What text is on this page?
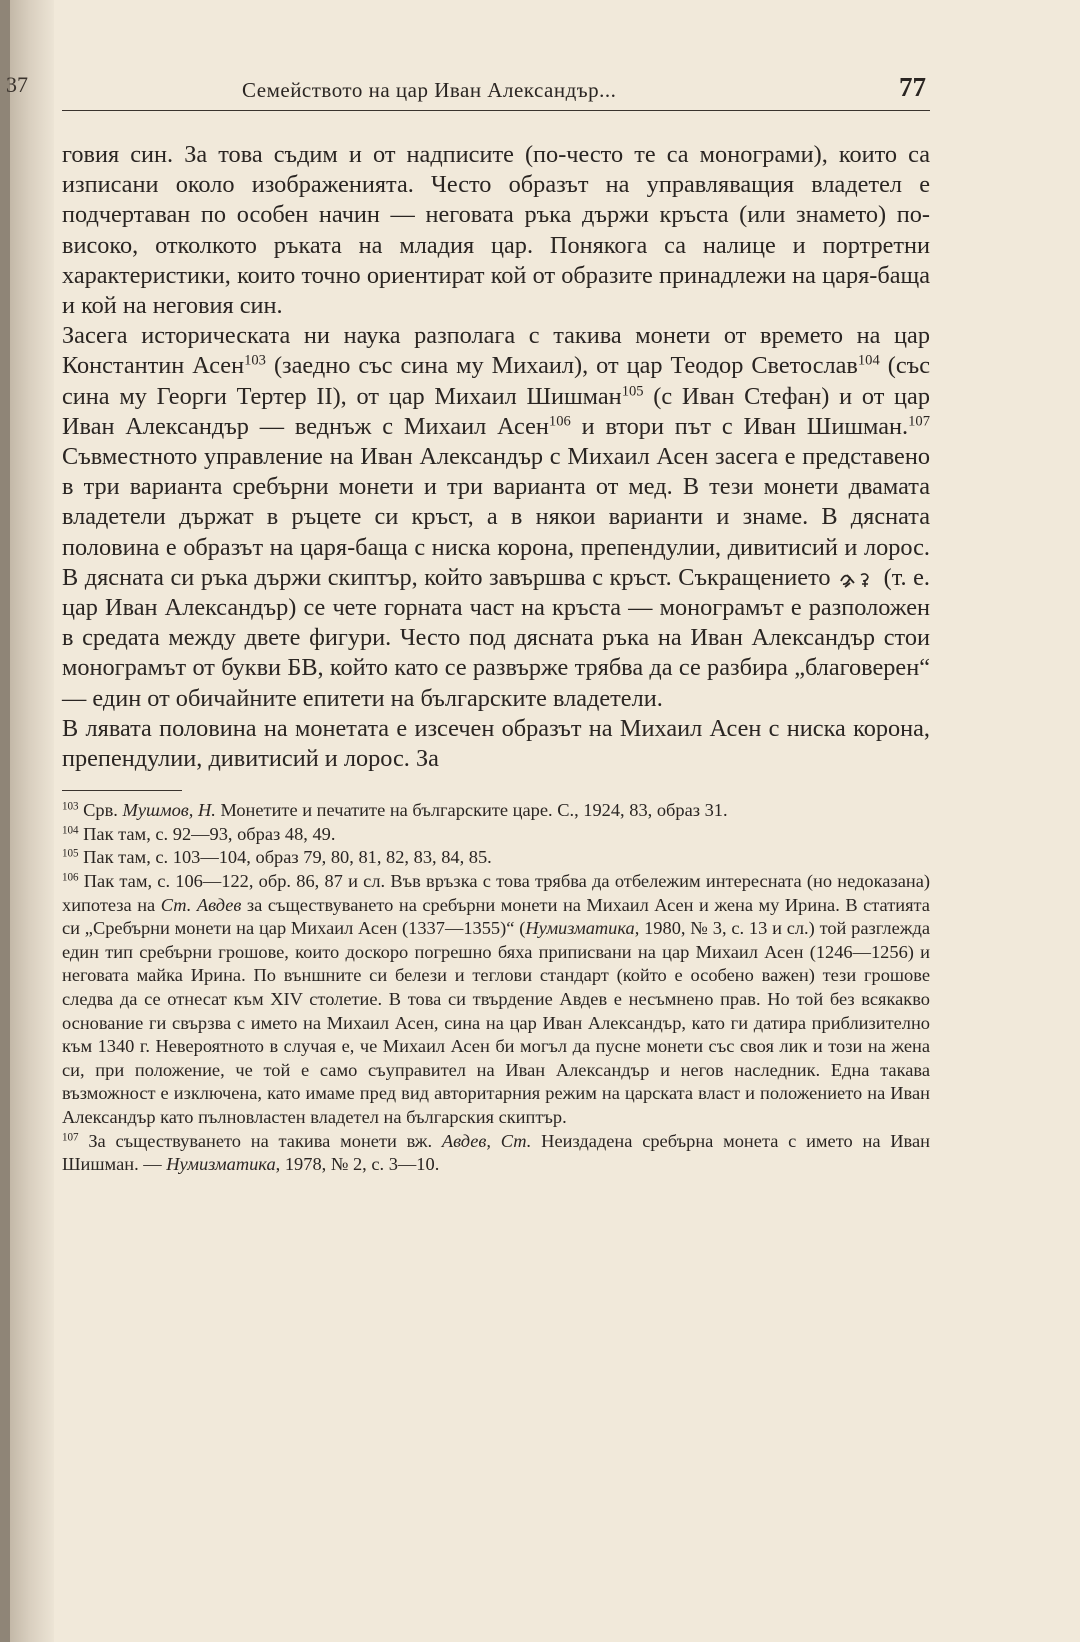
37	Семейството на цар Иван Александър...	77

говия син. За това съдим и от надписите (по-често те са монограми), които са изписани около изображенията. Често образът на управляващия владетел е подчертаван по особен начин — неговата ръка държи кръста (или знамето) по-високо, отколкото ръката на младия цар. Понякога са налице и портретни характеристики, които точно ориентират кой от образите принадлежи на царя-баща и кой на неговия син.

Засега историческата ни наука разполага с такива монети от времето на цар Константин Асен$^{103}$ (заедно със сина му Михаил), от цар Теодор Светослав$^{104}$ (със сина му Георги Тертер II), от цар Михаил Шишман$^{105}$ (с Иван Стефан) и от цар Иван Александър — веднъж с Михаил Асен$^{106}$ и втори път с Иван Шишман.$^{107}$ Съвместното управление на Иван Александър с Михаил Асен засега е представено в три варианта сребърни монети и три варианта от мед. В тези монети двамата владетели държат в ръцете си кръст, а в някои варианти и знаме. В дясната половина е образът на царя-баща с ниска корона, препендулии, дивитисий и лорос. В дясната си ръка държи скиптър, който завършва с кръст. Съкращението (т. е. цар Иван Александър) се чете горната част на кръста — монограмът е разположен в средата между двете фигури. Често под дясната ръка на Иван Александър стои монограмът от букви БВ, който като се развърже трябва да се разбира „благоверен“ — един от обичайните епитети на българските владетели.

В лявата половина на монетата е изсечен образът на Михаил Асен с ниска корона, препендулии, дивитисий и лорос. За

$^{103}$ Срв. Мушмов, Н. Монетите и печатите на българските царе. С., 1924, 83, образ 31.

$^{104}$ Пак там, с. 92—93, образ 48, 49.

$^{105}$ Пак там, с. 103—104, образ 79, 80, 81, 82, 83, 84, 85.

$^{106}$ Пак там, с. 106—122, обр. 86, 87 и сл. Във връзка с това трябва да отбележим интересната (но недоказана) хипотеза на Ст. Авдев за съществуването на сребърни монети на Михаил Асен и жена му Ирина. В статията си „Сребърни монети на цар Михаил Асен (1337—1355)“ (Нумизматика, 1980, № 3, с. 13 и сл.) той разглежда един тип сребърни грошове, които доскоро погрешно бяха приписвани на цар Михаил Асен (1246—1256) и неговата майка Ирина. По външните си белези и теглови стандарт (който е особено важен) тези грошове следва да се отнесат към XIV столетие. В това си твърдение Авдев е несъмнено прав. Но той без всякакво основание ги свързва с името на Михаил Асен, сина на цар Иван Александър, като ги датира приблизително към 1340 г. Невероятното в случая е, че Михаил Асен би могъл да пусне монети със своя лик и този на жена си, при положение, че той е само съуправител на Иван Александър и негов наследник. Една такава възможност е изключена, като имаме пред вид авторитарния режим на царската власт и положението на Иван Александър като пълновластен владетел на българския скиптър.

$^{107}$ За съществуването на такива монети вж. Авдев, Ст. Неиздадена сребърна монета с името на Иван Шишман. — Нумизматика, 1978, № 2, с. 3—10.
